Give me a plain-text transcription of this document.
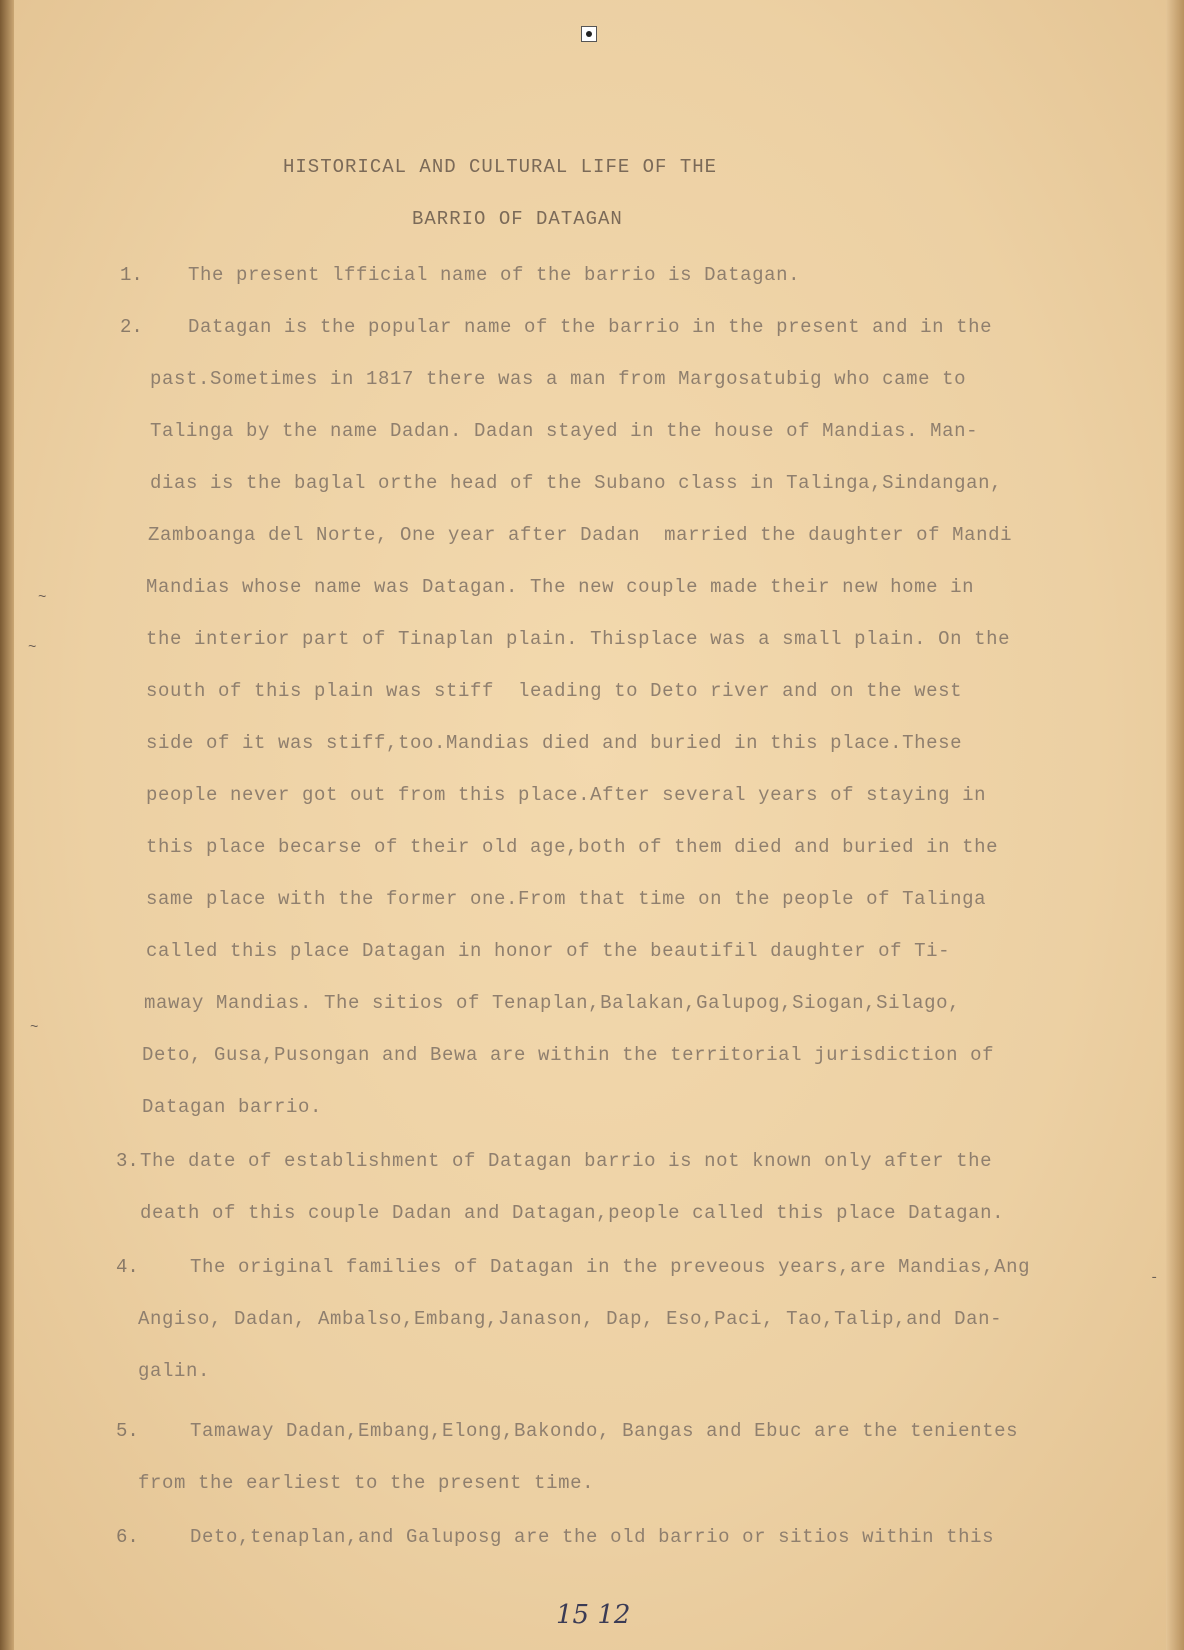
~
~
~
-
HISTORICAL AND CULTURAL LIFE OF THE
BARRIO OF DATAGAN
1. The present lfficial name of the barrio is Datagan.
2. Datagan is the popular name of the barrio in the present and in the
past.Sometimes in 1817 there was a man from Margosatubig who came to
Talinga by the name Dadan. Dadan stayed in the house of Mandias. Man-
dias is the baglal orthe head of the Subano class in Talinga,Sindangan,
Zamboanga del Norte, One year after Dadan  married the daughter of Mandi
Mandias whose name was Datagan. The new couple made their new home in
the interior part of Tinaplan plain. Thisplace was a small plain. On the
south of this plain was stiff  leading to Deto river and on the west
side of it was stiff,too.Mandias died and buried in this place.These
people never got out from this place.After several years of staying in
this place becarse of their old age,both of them died and buried in the
same place with the former one.From that time on the people of Talinga
called this place Datagan in honor of the beautifil daughter of Ti-
maway Mandias. The sitios of Tenaplan,Balakan,Galupog,Siogan,Silago,
Deto, Gusa,Pusongan and Bewa are within the territorial jurisdiction of
Datagan barrio.
3. The date of establishment of Datagan barrio is not known only after the
death of this couple Dadan and Datagan,people called this place Datagan.
4.	The original families of Datagan in the preveous years,are Mandias,Ang
Angiso, Dadan, Ambalso,Embang,Janason, Dap, Eso,Paci, Tao,Talip,and Dan-
galin.
5.	Tamaway Dadan,Embang,Elong,Bakondo, Bangas and Ebuc are the tenientes
from the earliest to the present time.
6.	Deto,tenaplan,and Galuposg are the old barrio or sitios within this
15 12
